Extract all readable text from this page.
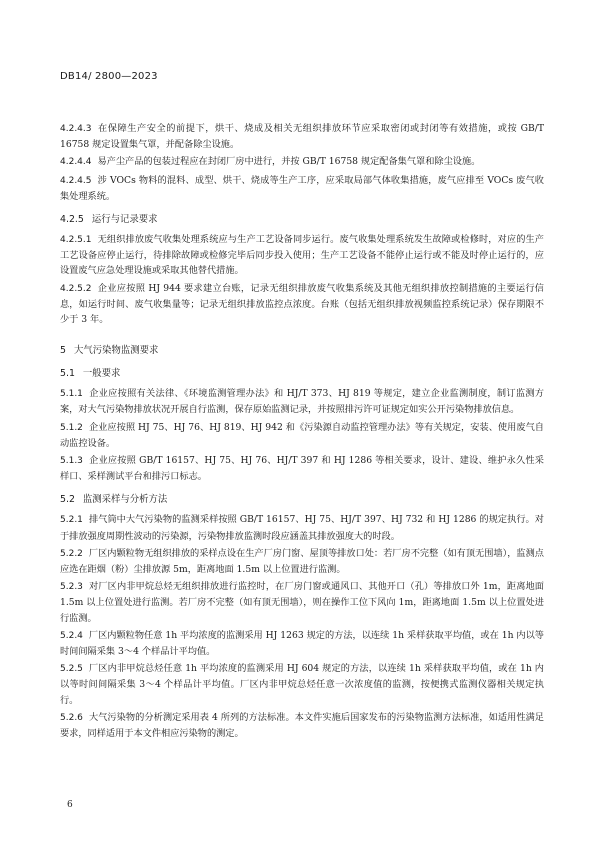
DB14/ 2800—2023

4.2.4.3 在保障生产安全的前提下，烘干、烧成及相关无组织排放环节应采取密闭或封闭等有效措施，或按 GB/T 16758 规定设置集气罩，并配备除尘设施。

4.2.4.4 易产尘产品的包装过程应在封闭厂房中进行，并按 GB/T 16758 规定配备集气罩和除尘设施。

4.2.4.5 涉 VOCs 物料的混料、成型、烘干、烧成等生产工序，应采取局部气体收集措施，废气应排至 VOCs 废气收集处理系统。

4.2.5 运行与记录要求

4.2.5.1 无组织排放废气收集处理系统应与生产工艺设备同步运行。废气收集处理系统发生故障或检修时，对应的生产工艺设备应停止运行，待排除故障或检修完毕后同步投入使用；生产工艺设备不能停止运行或不能及时停止运行的，应设置废气应急处理设施或采取其他替代措施。

4.2.5.2 企业应按照 HJ 944 要求建立台账，记录无组织排放废气收集系统及其他无组织排放控制措施的主要运行信息，如运行时间、废气收集量等；记录无组织排放监控点浓度。台账（包括无组织排放视频监控系统记录）保存期限不少于 3 年。

5 大气污染物监测要求
5.1 一般要求

5.1.1 企业应按照有关法律、《环境监测管理办法》和 HJ/T 373、HJ 819 等规定，建立企业监测制度，制订监测方案，对大气污染物排放状况开展自行监测，保存原始监测记录，并按照排污许可证规定如实公开污染物排放信息。

5.1.2 企业应按照 HJ 75、HJ 76、HJ 819、HJ 942 和《污染源自动监控管理办法》等有关规定，安装、使用废气自动监控设备。

5.1.3 企业应按照 GB/T 16157、HJ 75、HJ 76、HJ/T 397 和 HJ 1286 等相关要求，设计、建设、维护永久性采样口、采样测试平台和排污口标志。

5.2 监测采样与分析方法

5.2.1 排气筒中大气污染物的监测采样按照 GB/T 16157、HJ 75、HJ/T 397、HJ 732 和 HJ 1286 的规定执行。对于排放强度周期性波动的污染源，污染物排放监测时段应涵盖其排放强度大的时段。

5.2.2 厂区内颗粒物无组织排放的采样点设在生产厂房门窗、屋顶等排放口处：若厂房不完整（如有顶无围墙），监测点应选在距烟（粉）尘排放源 5m，距离地面 1.5m 以上位置进行监测。

5.2.3 对厂区内非甲烷总烃无组织排放进行监控时，在厂房门窗或通风口、其他开口（孔）等排放口外 1m，距离地面 1.5m 以上位置处进行监测。若厂房不完整（如有顶无围墙），则在操作工位下风向 1m，距离地面 1.5m 以上位置处进行监测。

5.2.4 厂区内颗粒物任意 1h 平均浓度的监测采用 HJ 1263 规定的方法，以连续 1h 采样获取平均值，或在 1h 内以等时间间隔采集 3～4 个样品计平均值。

5.2.5 厂区内非甲烷总烃任意 1h 平均浓度的监测采用 HJ 604 规定的方法，以连续 1h 采样获取平均值，或在 1h 内以等时间间隔采集 3～4 个样品计平均值。厂区内非甲烷总烃任意一次浓度值的监测，按便携式监测仪器相关规定执行。

5.2.6 大气污染物的分析测定采用表 4 所列的方法标准。本文件实施后国家发布的污染物监测方法标准，如适用性满足要求，同样适用于本文件相应污染物的测定。

6
